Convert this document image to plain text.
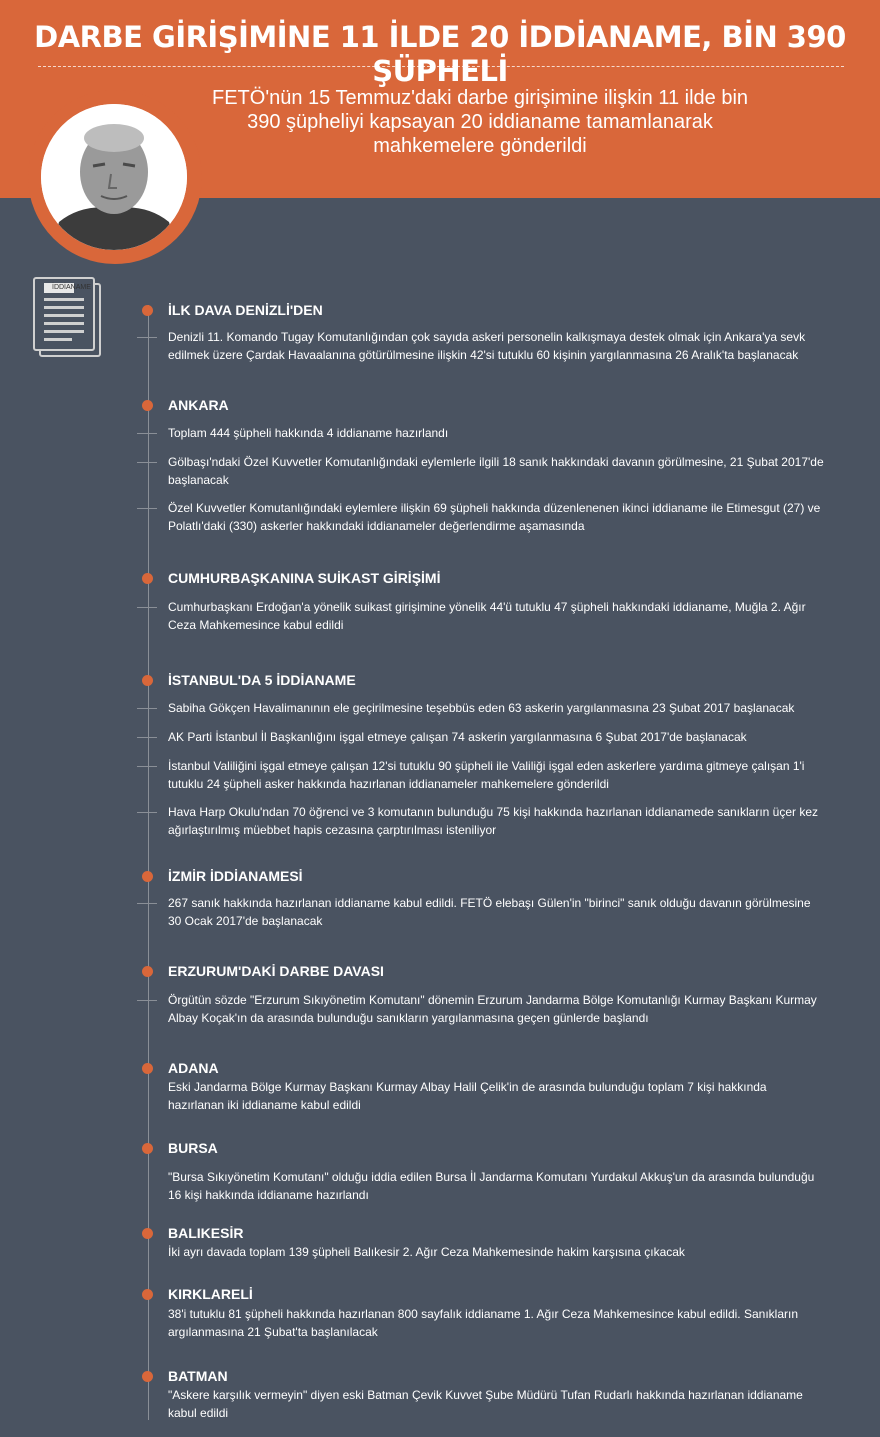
DARBE GİRİŞİMİNE 11 İLDE 20 İDDİANAME, BİN 390 ŞÜPHELİ
FETÖ'nün 15 Temmuz'daki darbe girişimine ilişkin 11 ilde bin 390 şüpheliyi kapsayan 20 iddianame tamamlanarak mahkemelere gönderildi
İDDİANAME
İLK DAVA DENİZLİ'DEN
Denizli 11. Komando Tugay Komutanlığından çok sayıda askeri personelin kalkışmaya destek olmak için Ankara'ya sevk edilmek üzere Çardak Havaalanına götürülmesine ilişkin 42'si tutuklu 60 kişinin yargılanmasına 26 Aralık'ta başlanacak
ANKARA
Toplam 444 şüpheli hakkında 4 iddianame hazırlandı
Gölbaşı'ndaki Özel Kuvvetler Komutanlığındaki eylemlerle ilgili 18 sanık hakkındaki davanın görülmesine, 21 Şubat 2017'de başlanacak
Özel Kuvvetler Komutanlığındaki eylemlere ilişkin 69 şüpheli hakkında düzenlenenen ikinci iddianame ile Etimesgut (27) ve Polatlı'daki (330) askerler hakkındaki iddianameler değerlendirme aşamasında
CUMHURBAŞKANINA SUİKAST GİRİŞİMİ
Cumhurbaşkanı Erdoğan'a yönelik suikast girişimine yönelik 44'ü tutuklu 47 şüpheli hakkındaki iddianame, Muğla 2. Ağır Ceza Mahkemesince kabul edildi
İSTANBUL'DA 5 İDDİANAME
Sabiha Gökçen Havalimanının ele geçirilmesine teşebbüs eden 63 askerin yargılanmasına 23 Şubat 2017 başlanacak
AK Parti İstanbul İl Başkanlığını işgal etmeye çalışan 74 askerin yargılanmasına 6 Şubat 2017'de başlanacak
İstanbul Valiliğini işgal etmeye çalışan 12'si tutuklu 90 şüpheli ile Valiliği işgal eden askerlere yardıma gitmeye çalışan 1'i tutuklu 24 şüpheli asker hakkında hazırlanan iddianameler mahkemelere gönderildi
Hava Harp Okulu'ndan 70 öğrenci ve 3 komutanın bulunduğu 75 kişi hakkında hazırlanan iddianamede sanıkların üçer kez ağırlaştırılmış müebbet hapis cezasına çarptırılması isteniliyor
İZMİR İDDİANAMESİ
267 sanık hakkında hazırlanan iddianame kabul edildi. FETÖ elebaşı Gülen'in "birinci" sanık olduğu davanın görülmesine 30 Ocak 2017'de başlanacak
ERZURUM'DAKİ DARBE DAVASI
Örgütün sözde "Erzurum Sıkıyönetim Komutanı" dönemin Erzurum Jandarma Bölge Komutanlığı Kurmay Başkanı Kurmay Albay Koçak'ın da arasında bulunduğu sanıkların yargılanmasına geçen günlerde başlandı
ADANA
Eski Jandarma Bölge Kurmay Başkanı Kurmay Albay Halil Çelik'in de arasında bulunduğu toplam 7 kişi hakkında hazırlanan iki iddianame kabul edildi
BURSA
"Bursa Sıkıyönetim Komutanı" olduğu iddia edilen Bursa İl Jandarma Komutanı Yurdakul Akkuş'un da arasında bulunduğu 16 kişi hakkında iddianame hazırlandı
BALIKESİR
İki ayrı davada toplam 139 şüpheli Balıkesir 2. Ağır Ceza Mahkemesinde hakim karşısına çıkacak
KIRKLARELİ
38'i tutuklu 81 şüpheli hakkında hazırlanan 800 sayfalık iddianame 1. Ağır Ceza Mahkemesince kabul edildi. Sanıkların argılanmasına 21 Şubat'ta başlanılacak
BATMAN
"Askere karşılık vermeyin" diyen eski Batman Çevik Kuvvet Şube Müdürü Tufan Rudarlı hakkında hazırlanan iddianame kabul edildi
